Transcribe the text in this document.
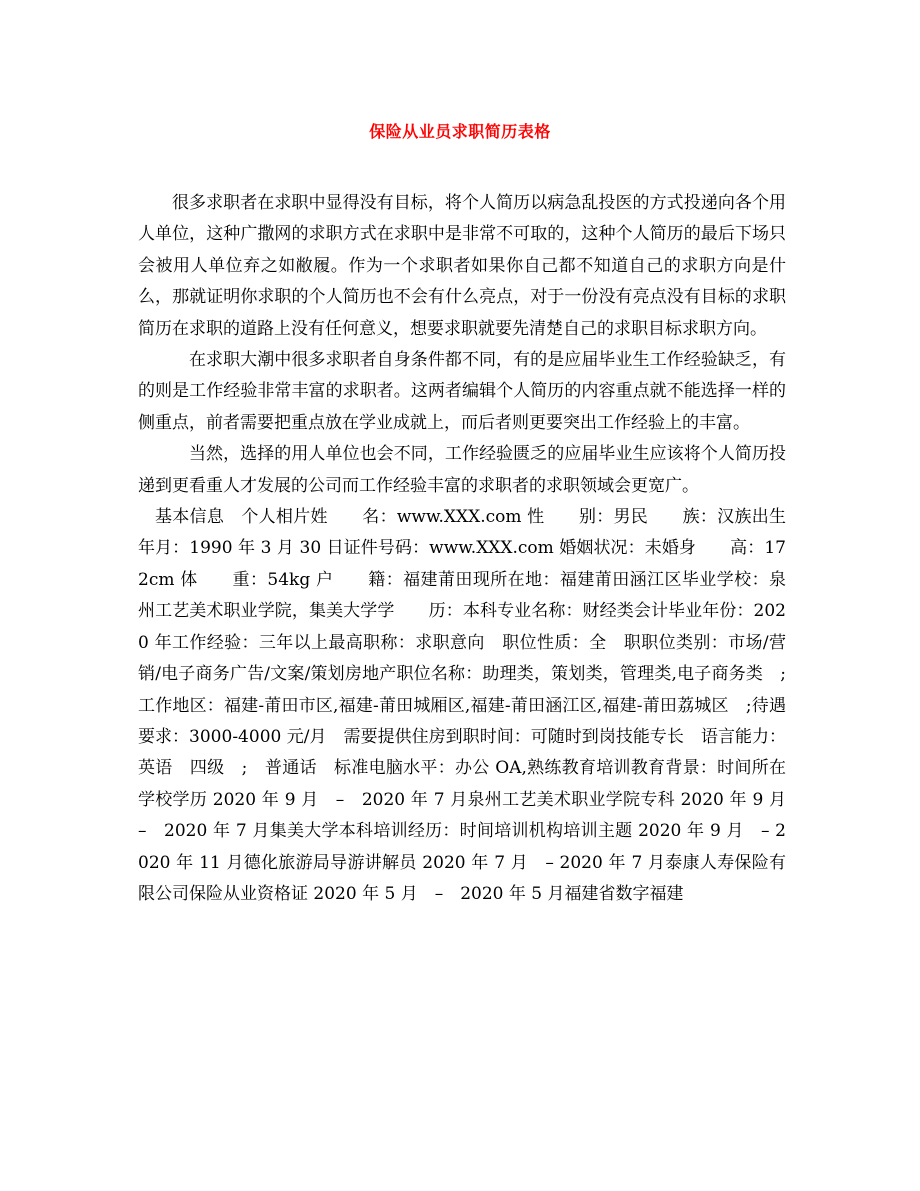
保险从业员求职简历表格

很多求职者在求职中显得没有目标，将个人简历以病急乱投医的方式投递向各个用人单位，这种广撒网的求职方式在求职中是非常不可取的，这种个人简历的最后下场只会被用人单位弃之如敝履。作为一个求职者如果你自己都不知道自己的求职方向是什么，那就证明你求职的个人简历也不会有什么亮点，对于一份没有亮点没有目标的求职简历在求职的道路上没有任何意义，想要求职就要先清楚自己的求职目标求职方向。

在求职大潮中很多求职者自身条件都不同，有的是应届毕业生工作经验缺乏，有的则是工作经验非常丰富的求职者。这两者编辑个人简历的内容重点就不能选择一样的侧重点，前者需要把重点放在学业成就上，而后者则更要突出工作经验上的丰富。

当然，选择的用人单位也会不同，工作经验匮乏的应届毕业生应该将个人简历投递到更看重人才发展的公司而工作经验丰富的求职者的求职领域会更宽广。

基本信息　个人相片姓　　名：www.XXX.com 性　　别：男民　　族：汉族出生年月：1990 年 3 月 30 日证件号码：www.XXX.com 婚姻状况：未婚身　　高：172cm 体　　重：54kg 户　　籍：福建莆田现所在地：福建莆田涵江区毕业学校：泉州工艺美术职业学院，集美大学学　　历：本科专业名称：财经类会计毕业年份：2020 年工作经验：三年以上最高职称：求职意向　职位性质：全　职职位类别：市场/营销/电子商务广告/文案/策划房地产职位名称：助理类，策划类，管理类,电子商务类　;工作地区：福建-莆田市区,福建-莆田城厢区,福建-莆田涵江区,福建-莆田荔城区　;待遇要求：3000-4000 元/月　需要提供住房到职时间：可随时到岗技能专长　语言能力：英语　四级　;　普通话　标准电脑水平：办公 OA,熟练教育培训教育背景：时间所在学校学历 2020 年 9 月　–　2020 年 7 月泉州工艺美术职业学院专科 2020 年 9 月　–　2020 年 7 月集美大学本科培训经历：时间培训机构培训主题 2020 年 9 月　– 2020 年 11 月德化旅游局导游讲解员 2020 年 7 月　– 2020 年 7 月泰康人寿保险有限公司保险从业资格证 2020 年 5 月　–　2020 年 5 月福建省数字福建
